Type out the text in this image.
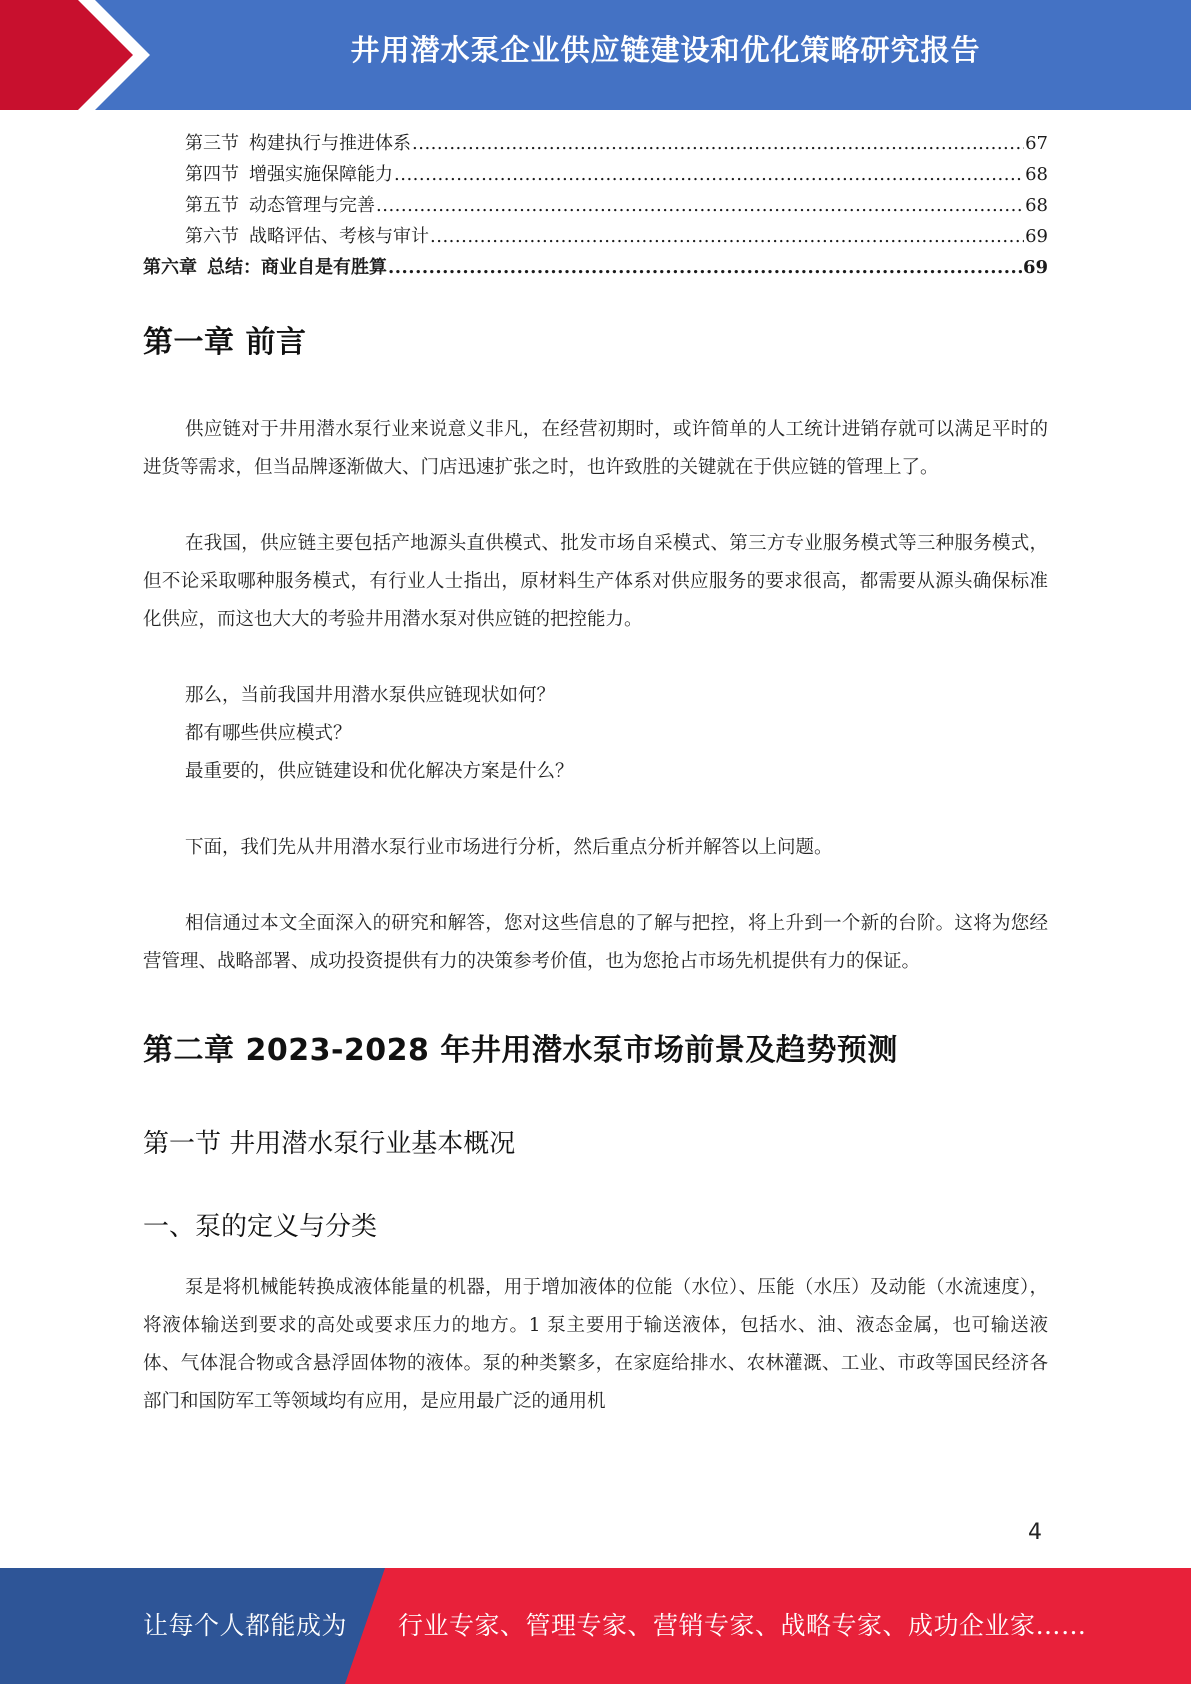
井用潜水泵企业供应链建设和优化策略研究报告
第三节 构建执行与推进体系 .....	67
第四节 增强实施保障能力 .....	68
第五节 动态管理与完善 .....	68
第六节 战略评估、考核与审计 .....	69
第六章 总结：商业自是有胜算 .....	69
第一章 前言

供应链对于井用潜水泵行业来说意义非凡，在经营初期时，或许简单的人工统计进销存就可以满足平时的进货等需求，但当品牌逐渐做大、门店迅速扩张之时，也许致胜的关键就在于供应链的管理上了。

在我国，供应链主要包括产地源头直供模式、批发市场自采模式、第三方专业服务模式等三种服务模式，但不论采取哪种服务模式，有行业人士指出，原材料生产体系对供应服务的要求很高，都需要从源头确保标准化供应，而这也大大的考验井用潜水泵对供应链的把控能力。

那么，当前我国井用潜水泵供应链现状如何？

都有哪些供应模式？

最重要的，供应链建设和优化解决方案是什么？

下面，我们先从井用潜水泵行业市场进行分析，然后重点分析并解答以上问题。

相信通过本文全面深入的研究和解答，您对这些信息的了解与把控，将上升到一个新的台阶。这将为您经营管理、战略部署、成功投资提供有力的决策参考价值，也为您抢占市场先机提供有力的保证。

第二章 2023-2028 年井用潜水泵市场前景及趋势预测
第一节 井用潜水泵行业基本概况
一、泵的定义与分类

泵是将机械能转换成液体能量的机器，用于增加液体的位能（水位）、压能（水压）及动能（水流速度），将液体输送到要求的高处或要求压力的地方。1 泵主要用于输送液体，包括水、油、液态金属，也可输送液体、气体混合物或含悬浮固体物的液体。泵的种类繁多，在家庭给排水、农林灌溉、工业、市政等国民经济各部门和国防军工等领域均有应用，是应用最广泛的通用机

4
让每个人都能成为 行业专家、管理专家、营销专家、战略专家、成功企业家……
